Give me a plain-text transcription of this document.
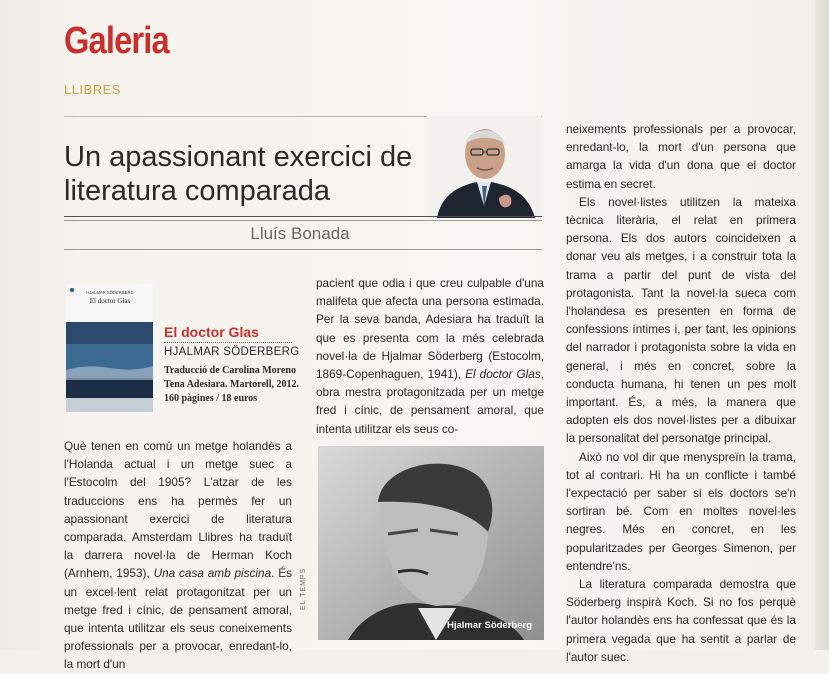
Galeria
LLIBRES
Un apassionant exercici de literatura comparada
Lluís Bonada
HJALMAR SÖDERBERG
El doctor Glas
El doctor Glas
HJALMAR SÖDERBERG
Traducció de Carolina Moreno Tena Adesiara. Martorell, 2012. 160 pàgines / 18 euros

Què tenen en comú un metge holandès a l'Holanda actual i un metge suec a l'Estocolm del 1905? L'atzar de les traduccions ens ha permès fer un apassionant exercici de literatura comparada. Amsterdam Llibres ha traduït la darrera novel·la de Herman Koch (Arnhem, 1953), Una casa amb piscina. És un excel·lent relat protagonitzat per un metge fred i cínic, de pensament amoral, que intenta utilitzar els seus coneixements professionals per a provocar, enredant-lo, la mort d'un

pacient que odia i que creu culpable d'una malifeta que afecta una persona estimada. Per la seva banda, Adesiara ha traduït la que es presenta com la més celebrada novel·la de Hjalmar Söderberg (Estocolm, 1869-Copenhaguen, 1941), El doctor Glas, obra mestra protagonitzada per un metge fred i cínic, de pensament amoral, que intenta utilitzar els seus co-

EL TEMPS
Hjalmar Söderberg

neixements professionals per a provocar, enredant-lo, la mort d'un persona que amarga la vida d'un dona que el doctor estima en secret.

Els novel·listes utilitzen la mateixa tècnica literària, el relat en primera persona. Els dos autors coincideixen a donar veu als metges, i a construir tota la trama a partir del punt de vista del protagonista. Tant la novel·la sueca com l'holandesa es presenten en forma de confessions íntimes i, per tant, les opinions del narrador i protagonista sobre la vida en general, i més en concret, sobre la conducta humana, hi tenen un pes molt important. És, a més, la manera que adopten els dos novel·listes per a dibuixar la personalitat del personatge principal.

Això no vol dir que menyspreïn la trama, tot al contrari. Hi ha un conflicte i també l'expectació per saber si els doctors se'n sortiran bé. Com en moltes novel·les negres. Més en concret, en les popularitzades per Georges Simenon, per entendre'ns.

La literatura comparada demostra que Söderberg inspirà Koch. Si no fos perquè l'autor holandès ens ha confessat que és la primera vegada que ha sentit a parlar de l'autor suec.
